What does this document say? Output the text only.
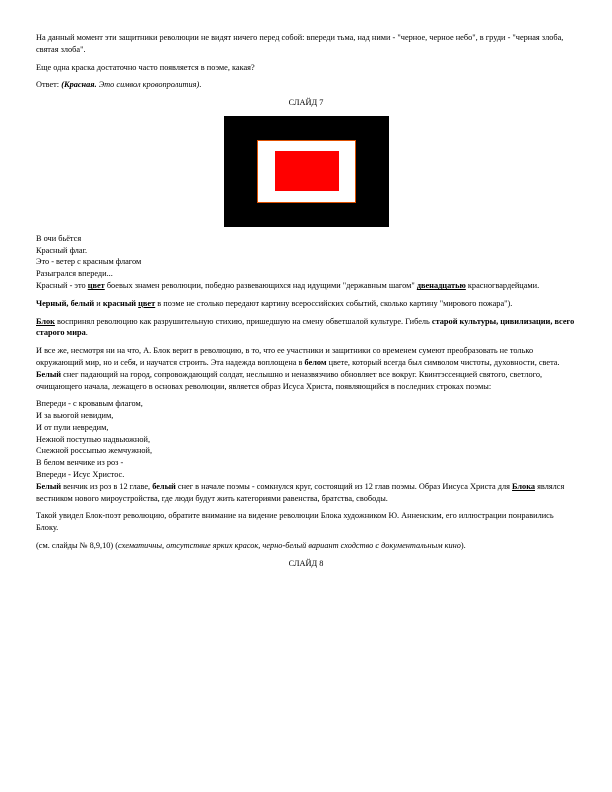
На данный момент эти защитники революции не видят ничего перед собой: впереди тьма, над ними - "черное, черное небо", в груди - "черная злоба, святая злоба".

Еще одна краска достаточно часто появляется в поэме, какая?

Ответ: (Красная. Это символ кровопролития).

СЛАЙД 7

В очи бьётся
Красный флаг.
Это - ветер с красным флагом
Разыгрался впереди...
Красный - это цвет боевых знамен революции, победно развевающихся над идущими "державным шагом" двенадцатью красногвардейцами.

Черный, белый и красный цвет в поэме не столько передают картину всероссийских событий, сколько картину "мирового пожара").

Блок воспринял революцию как разрушительную стихию, пришедшую на смену обветшалой культуре. Гибель старой культуры, цивилизации, всего старого мира.

И все же, несмотря ни на что, А. Блок верит в революцию, в то, что ее участники и защитники со временем сумеют преобразовать не только окружающий мир, но и себя, и научатся строить. Эта надежда воплощена в белом цвете, который всегда был символом чистоты, духовности, света. Белый снег падающий на город, сопровождающий солдат, неслышно и неназвязчиво обновляет все вокруг. Квинтэссенцией святого, светлого, очищающего начала, лежащего в основах революции, является образ Исуса Христа, появляющийся в последних строках поэмы:

Впереди - с кровавым флагом,
И за вьюгой невидим,
И от пули невредим,
Нежной поступью надвьюжной,
Снежной россыпью жемчужной,
В белом венчике из роз -
Впереди - Исус Христос.
Белый венчик из роз в 12 главе, белый снег в начале поэмы - сомкнулся круг, состоящий из 12 глав поэмы. Образ Иисуса Христа для Блока являлся вестником нового мироустройства, где люди будут жить категориями равенства, братства, свободы.

Такой увидел Блок-поэт революцию, обратите внимание на видение революции Блока художником Ю. Анненским, его иллюстрации понравились Блоку.

(см. слайды № 8,9,10) (схематичны, отсутствие ярких красок, черно-белый вариант сходство с документальным кино).

СЛАЙД 8
